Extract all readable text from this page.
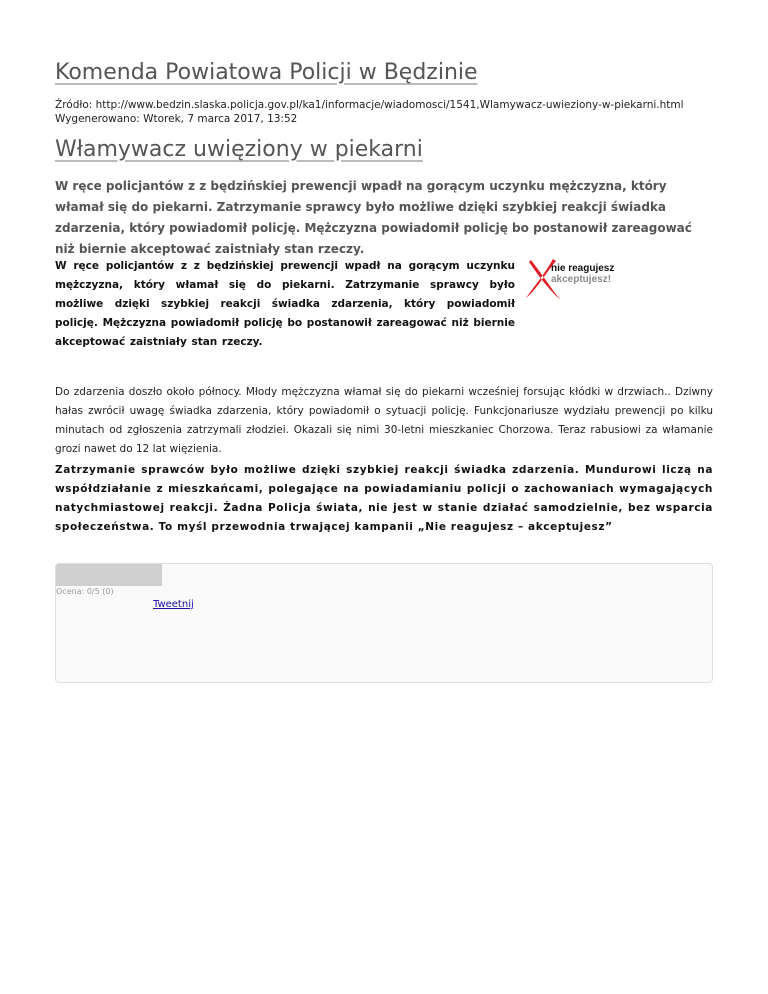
Komenda Powiatowa Policji w Będzinie
Źródło: http://www.bedzin.slaska.policja.gov.pl/ka1/informacje/wiadomosci/1541,Wlamywacz-uwieziony-w-piekarni.html
Wygenerowano: Wtorek, 7 marca 2017, 13:52
Włamywacz uwięziony w piekarni

W ręce policjantów z z będzińskiej prewencji wpadł na gorącym uczynku mężczyzna, który włamał się do piekarni. Zatrzymanie sprawcy było możliwe dzięki szybkiej reakcji świadka zdarzenia, który powiadomił policję. Mężczyzna powiadomił policję bo postanowił zareagować niż biernie akceptować zaistniały stan rzeczy.

W ręce policjantów z z będzińskiej prewencji wpadł na gorącym uczynku mężczyzna, który włamał się do piekarni. Zatrzymanie sprawcy było możliwe dzięki szybkiej reakcji świadka zdarzenia, który powiadomił policję. Mężczyzna powiadomił policję bo postanowił zareagować niż biernie akceptować zaistniały stan rzeczy.

nie reagujesz
akceptujesz!

Do zdarzenia doszło około północy. Młody mężczyzna włamał się do piekarni wcześniej forsując kłódki w drzwiach.. Dziwny hałas zwrócił uwagę świadka zdarzenia, który powiadomił o sytuacji policję. Funkcjonariusze wydziału prewencji po kilku minutach od zgłoszenia zatrzymali złodziei. Okazali się nimi 30-letni mieszkaniec Chorzowa. Teraz rabusiowi za włamanie grozi nawet do 12 lat więzienia.

Zatrzymanie sprawców było możliwe dzięki szybkiej reakcji świadka zdarzenia. Mundurowi liczą na współdziałanie z mieszkańcami, polegające na powiadamianiu policji o zachowaniach wymagających natychmiastowej reakcji. Żadna Policja świata, nie jest w stanie działać samodzielnie, bez wsparcia społeczeństwa. To myśl przewodnia trwającej kampanii „Nie reagujesz – akceptujesz”

Ocena: 0/5 (0)
Tweetnij
